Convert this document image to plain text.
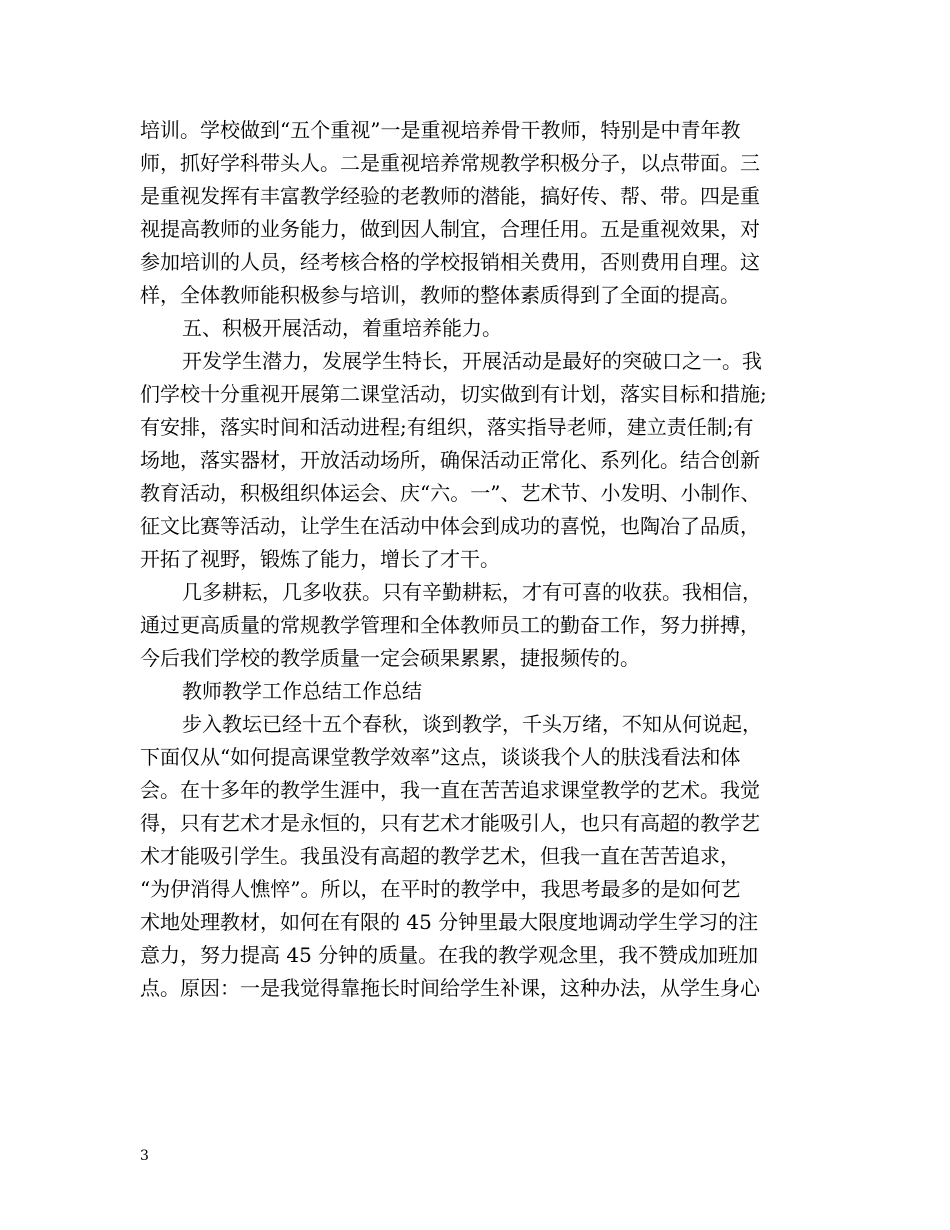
培训。学校做到“五个重视”一是重视培养骨干教师，特别是中青年教
师，抓好学科带头人。二是重视培养常规教学积极分子，以点带面。三
是重视发挥有丰富教学经验的老教师的潜能，搞好传、帮、带。四是重
视提高教师的业务能力，做到因人制宜，合理任用。五是重视效果，对
参加培训的人员，经考核合格的学校报销相关费用，否则费用自理。这
样，全体教师能积极参与培训，教师的整体素质得到了全面的提高。
五、积极开展活动，着重培养能力。
开发学生潜力，发展学生特长，开展活动是最好的突破口之一。我
们学校十分重视开展第二课堂活动，切实做到有计划，落实目标和措施;
有安排，落实时间和活动进程;有组织，落实指导老师，建立责任制;有
场地，落实器材，开放活动场所，确保活动正常化、系列化。结合创新
教育活动，积极组织体运会、庆“六。一”、艺术节、小发明、小制作、
征文比赛等活动，让学生在活动中体会到成功的喜悦，也陶冶了品质，
开拓了视野，锻炼了能力，增长了才干。
几多耕耘，几多收获。只有辛勤耕耘，才有可喜的收获。我相信，
通过更高质量的常规教学管理和全体教师员工的勤奋工作，努力拼搏，
今后我们学校的教学质量一定会硕果累累，捷报频传的。
教师教学工作总结工作总结
步入教坛已经十五个春秋，谈到教学，千头万绪，不知从何说起，
下面仅从“如何提高课堂教学效率”这点，谈谈我个人的肤浅看法和体
会。在十多年的教学生涯中，我一直在苦苦追求课堂教学的艺术。我觉
得，只有艺术才是永恒的，只有艺术才能吸引人，也只有高超的教学艺
术才能吸引学生。我虽没有高超的教学艺术，但我一直在苦苦追求，
“为伊消得人憔悴”。所以，在平时的教学中，我思考最多的是如何艺
术地处理教材，如何在有限的 45 分钟里最大限度地调动学生学习的注
意力，努力提高 45 分钟的质量。在我的教学观念里，我不赞成加班加
点。原因：一是我觉得靠拖长时间给学生补课，这种办法，从学生身心
3
